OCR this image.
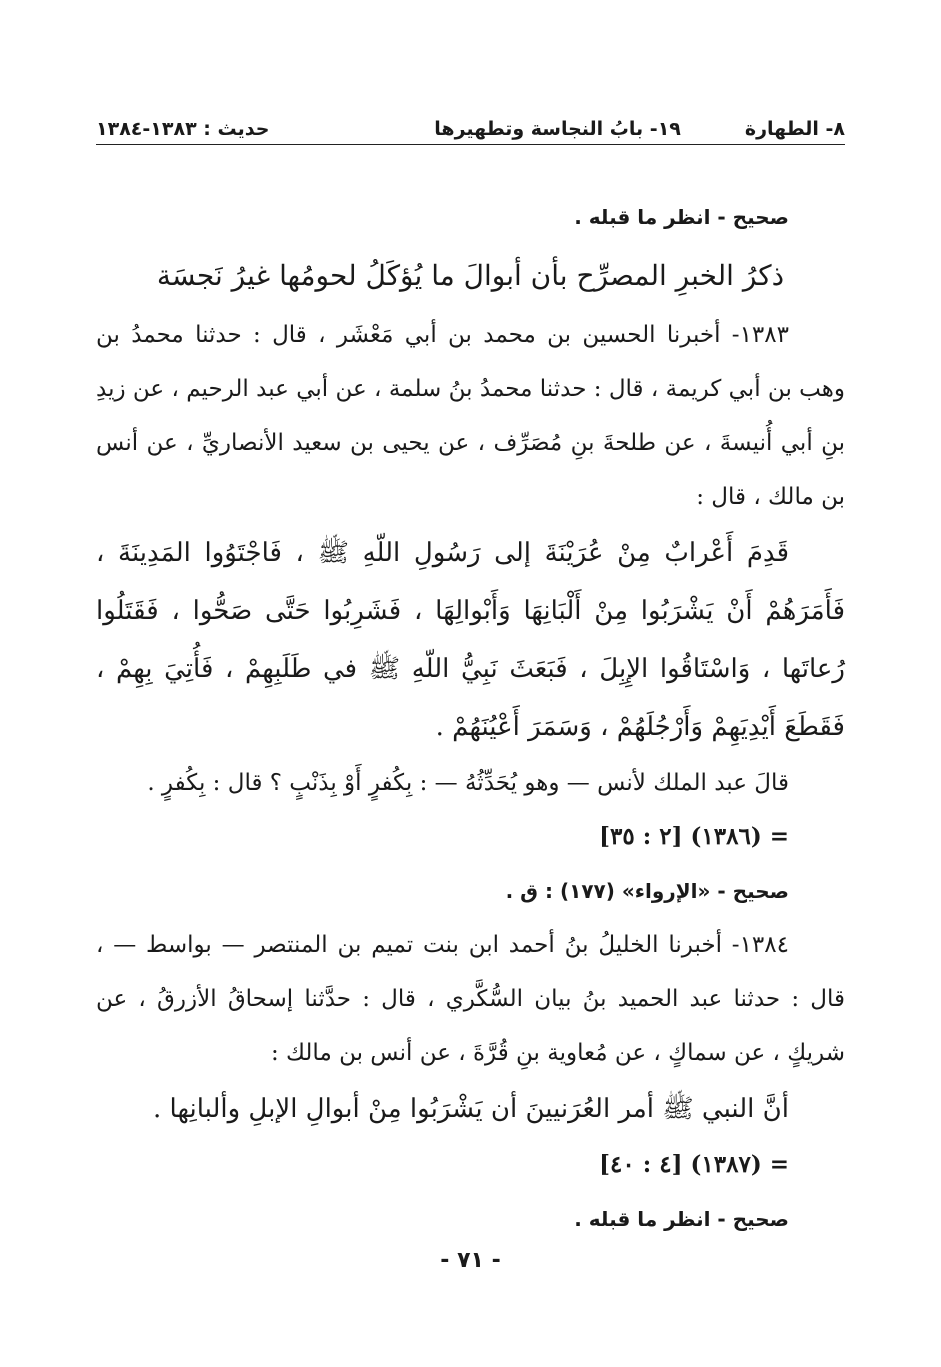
٨- الطهارة
١٩- بابُ النجاسة وتطهيرها
حديث : ١٣٨٣-١٣٨٤
صحيح - انظر ما قبله .
ذكرُ الخبرِ المصرِّح بأن أبوالَ ما يُؤكَلُ لحومُها غيرُ نَجسَة
١٣٨٣- أخبرنا الحسين بن محمد بن أبي مَعْشَر ، قال : حدثنا محمدُ بن وهب بن أبي كريمة ، قال : حدثنا محمدُ بنُ سلمة ، عن أبي عبد الرحيم ، عن زيدِ بنِ أبي أُنيسةَ ، عن طلحةَ بنِ مُصَرِّف ، عن يحيى بن سعيد الأنصاريِّ ، عن أنس بن مالك ، قال :
قَدِمَ أَعْرابٌ مِنْ عُرَيْنَةَ إلى رَسُولِ اللّهِ ﷺ ، فَاجْتَوُوا المَدِينَةَ ، فَأَمَرَهُمْ أَنْ يَشْرَبُوا مِنْ أَلْبَانِهَا وَأَبْوالِهَا ، فَشَرِبُوا حَتَّى صَحُّوا ، فَقَتَلُوا رُعاتَها ، وَاسْتَاقُوا الإِبِلَ ، فَبَعَثَ نَبِيُّ اللّهِ ﷺ في طَلَبِهِمْ ، فَأُتِيَ بِهِمْ ، فَقَطَعَ أَيْدِيَهِمْ وَأَرْجُلَهُمْ ، وَسَمَرَ أَعْيُنَهُمْ .
قالَ عبد الملك لأنس — وهو يُحَدِّثُهُ — : بِكُفرٍ أَوْ بِذَنْبٍ ؟ قال : بِكُفرٍ .
= (١٣٨٦) [٢ : ٣٥]
صحيح - «الإرواء» (١٧٧) : ق .
١٣٨٤- أخبرنا الخليلُ بنُ أحمد ابن بنت تميم بن المنتصر — بواسط — ، قال : حدثنا عبد الحميد بنُ بيان السُّكَّري ، قال : حدَّثنا إسحاقُ الأزرقُ ، عن شريكٍ ، عن سماكٍ ، عن مُعاوية بنِ قُرَّةَ ، عن أنس بن مالك :
أنَّ النبي ﷺ أمر العُرَنيينَ أن يَشْرَبُوا مِنْ أبوالِ الإبلِ وألبانِها .
= (١٣٨٧) [٤ : ٤٠]
صحيح - انظر ما قبله .
- ٧١ -
